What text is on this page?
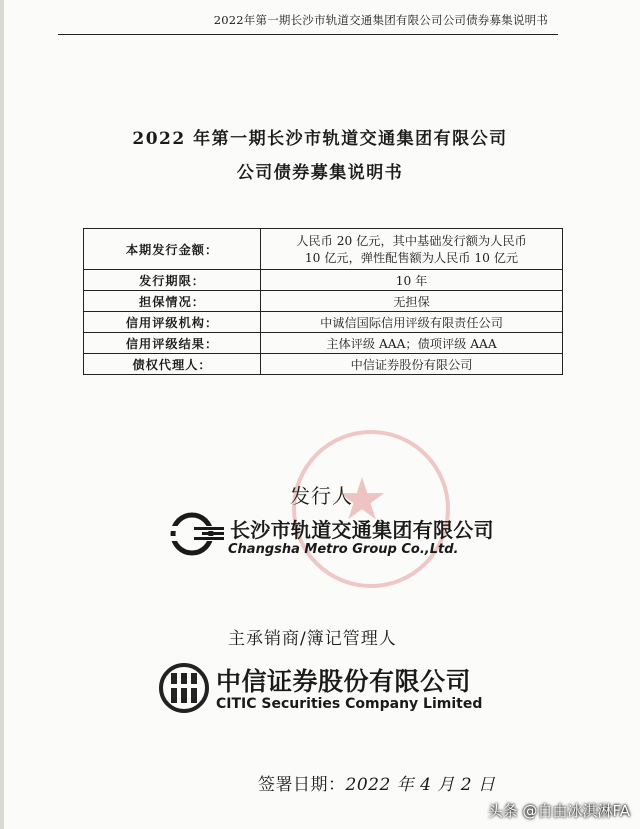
2022年第一期长沙市轨道交通集团有限公司公司债券募集说明书
2022 年第一期长沙市轨道交通集团有限公司
公司债券募集说明书
本期发行金额：	人民币 20 亿元，其中基础发行额为人民币
10 亿元，弹性配售额为人民币 10 亿元

发行期限：	10 年
担保情况：	无担保
信用评级机构：	中诚信国际信用评级有限责任公司
信用评级结果：	主体评级 AAA；债项评级 AAA
债权代理人：	中信证券股份有限公司
★
发行人
长沙市轨道交通集团有限公司
Changsha Metro Group Co.,Ltd.
主承销商/簿记管理人
中信证券股份有限公司
CITIC Securities Company Limited
签署日期：2022 年 4 月 2 日
头条 @自由冰淇淋FA
